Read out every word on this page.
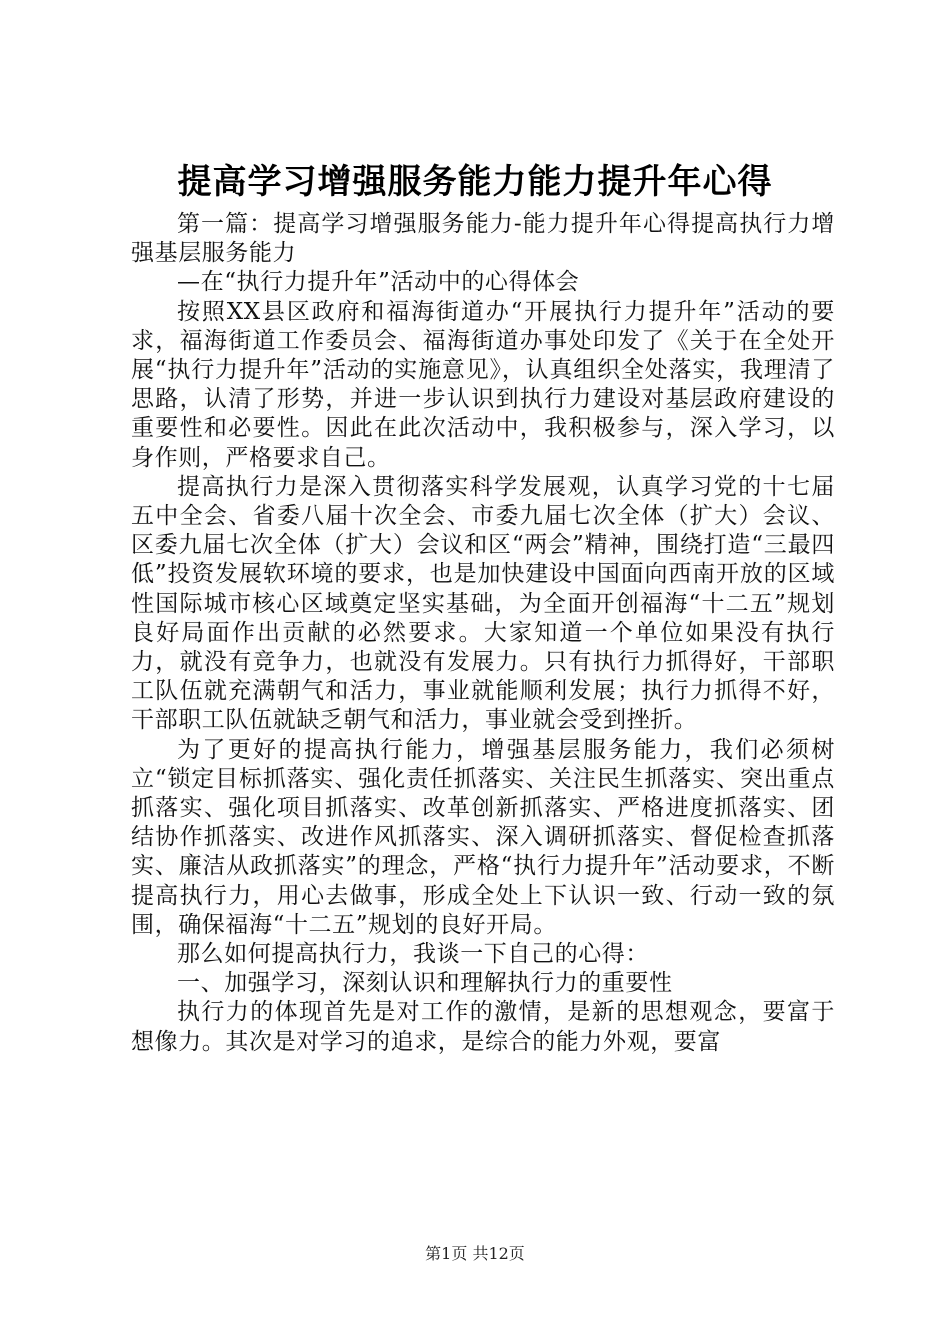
提高学习增强服务能力能力提升年心得

第一篇：提高学习增强服务能力-能力提升年心得提高执行力增强基层服务能力

—在“执行力提升年”活动中的心得体会

按照XX县区政府和福海街道办“开展执行力提升年”活动的要求，福海街道工作委员会、福海街道办事处印发了《关于在全处开展“执行力提升年”活动的实施意见》，认真组织全处落实，我理清了思路，认清了形势，并进一步认识到执行力建设对基层政府建设的重要性和必要性。因此在此次活动中，我积极参与，深入学习，以身作则，严格要求自己。

提高执行力是深入贯彻落实科学发展观，认真学习党的十七届五中全会、省委八届十次全会、市委九届七次全体（扩大）会议、区委九届七次全体（扩大）会议和区“两会”精神，围绕打造“三最四低”投资发展软环境的要求，也是加快建设中国面向西南开放的区域性国际城市核心区域奠定坚实基础，为全面开创福海“十二五”规划良好局面作出贡献的必然要求。大家知道一个单位如果没有执行力，就没有竞争力，也就没有发展力。只有执行力抓得好，干部职工队伍就充满朝气和活力，事业就能顺利发展；执行力抓得不好，干部职工队伍就缺乏朝气和活力，事业就会受到挫折。

为了更好的提高执行能力，增强基层服务能力，我们必须树立“锁定目标抓落实、强化责任抓落实、关注民生抓落实、突出重点抓落实、强化项目抓落实、改革创新抓落实、严格进度抓落实、团结协作抓落实、改进作风抓落实、深入调研抓落实、督促检查抓落实、廉洁从政抓落实”的理念，严格“执行力提升年”活动要求，不断提高执行力，用心去做事，形成全处上下认识一致、行动一致的氛围，确保福海“十二五”规划的良好开局。

那么如何提高执行力，我谈一下自己的心得：

一、加强学习，深刻认识和理解执行力的重要性

执行力的体现首先是对工作的激情，是新的思想观念，要富于想像力。其次是对学习的追求，是综合的能力外观，要富

第1页 共12页
